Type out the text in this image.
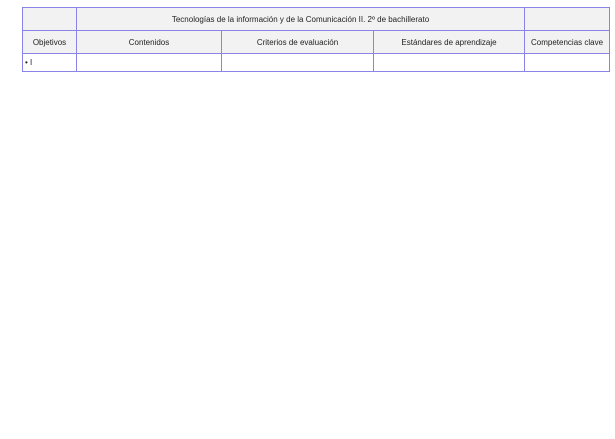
	Tecnologías de la información y de la Comunicación II. 2º de bachillerato			
Objetivos	Contenidos	Criterios de evaluación	Estándares de aprendizaje	Competencias clave
• I				
